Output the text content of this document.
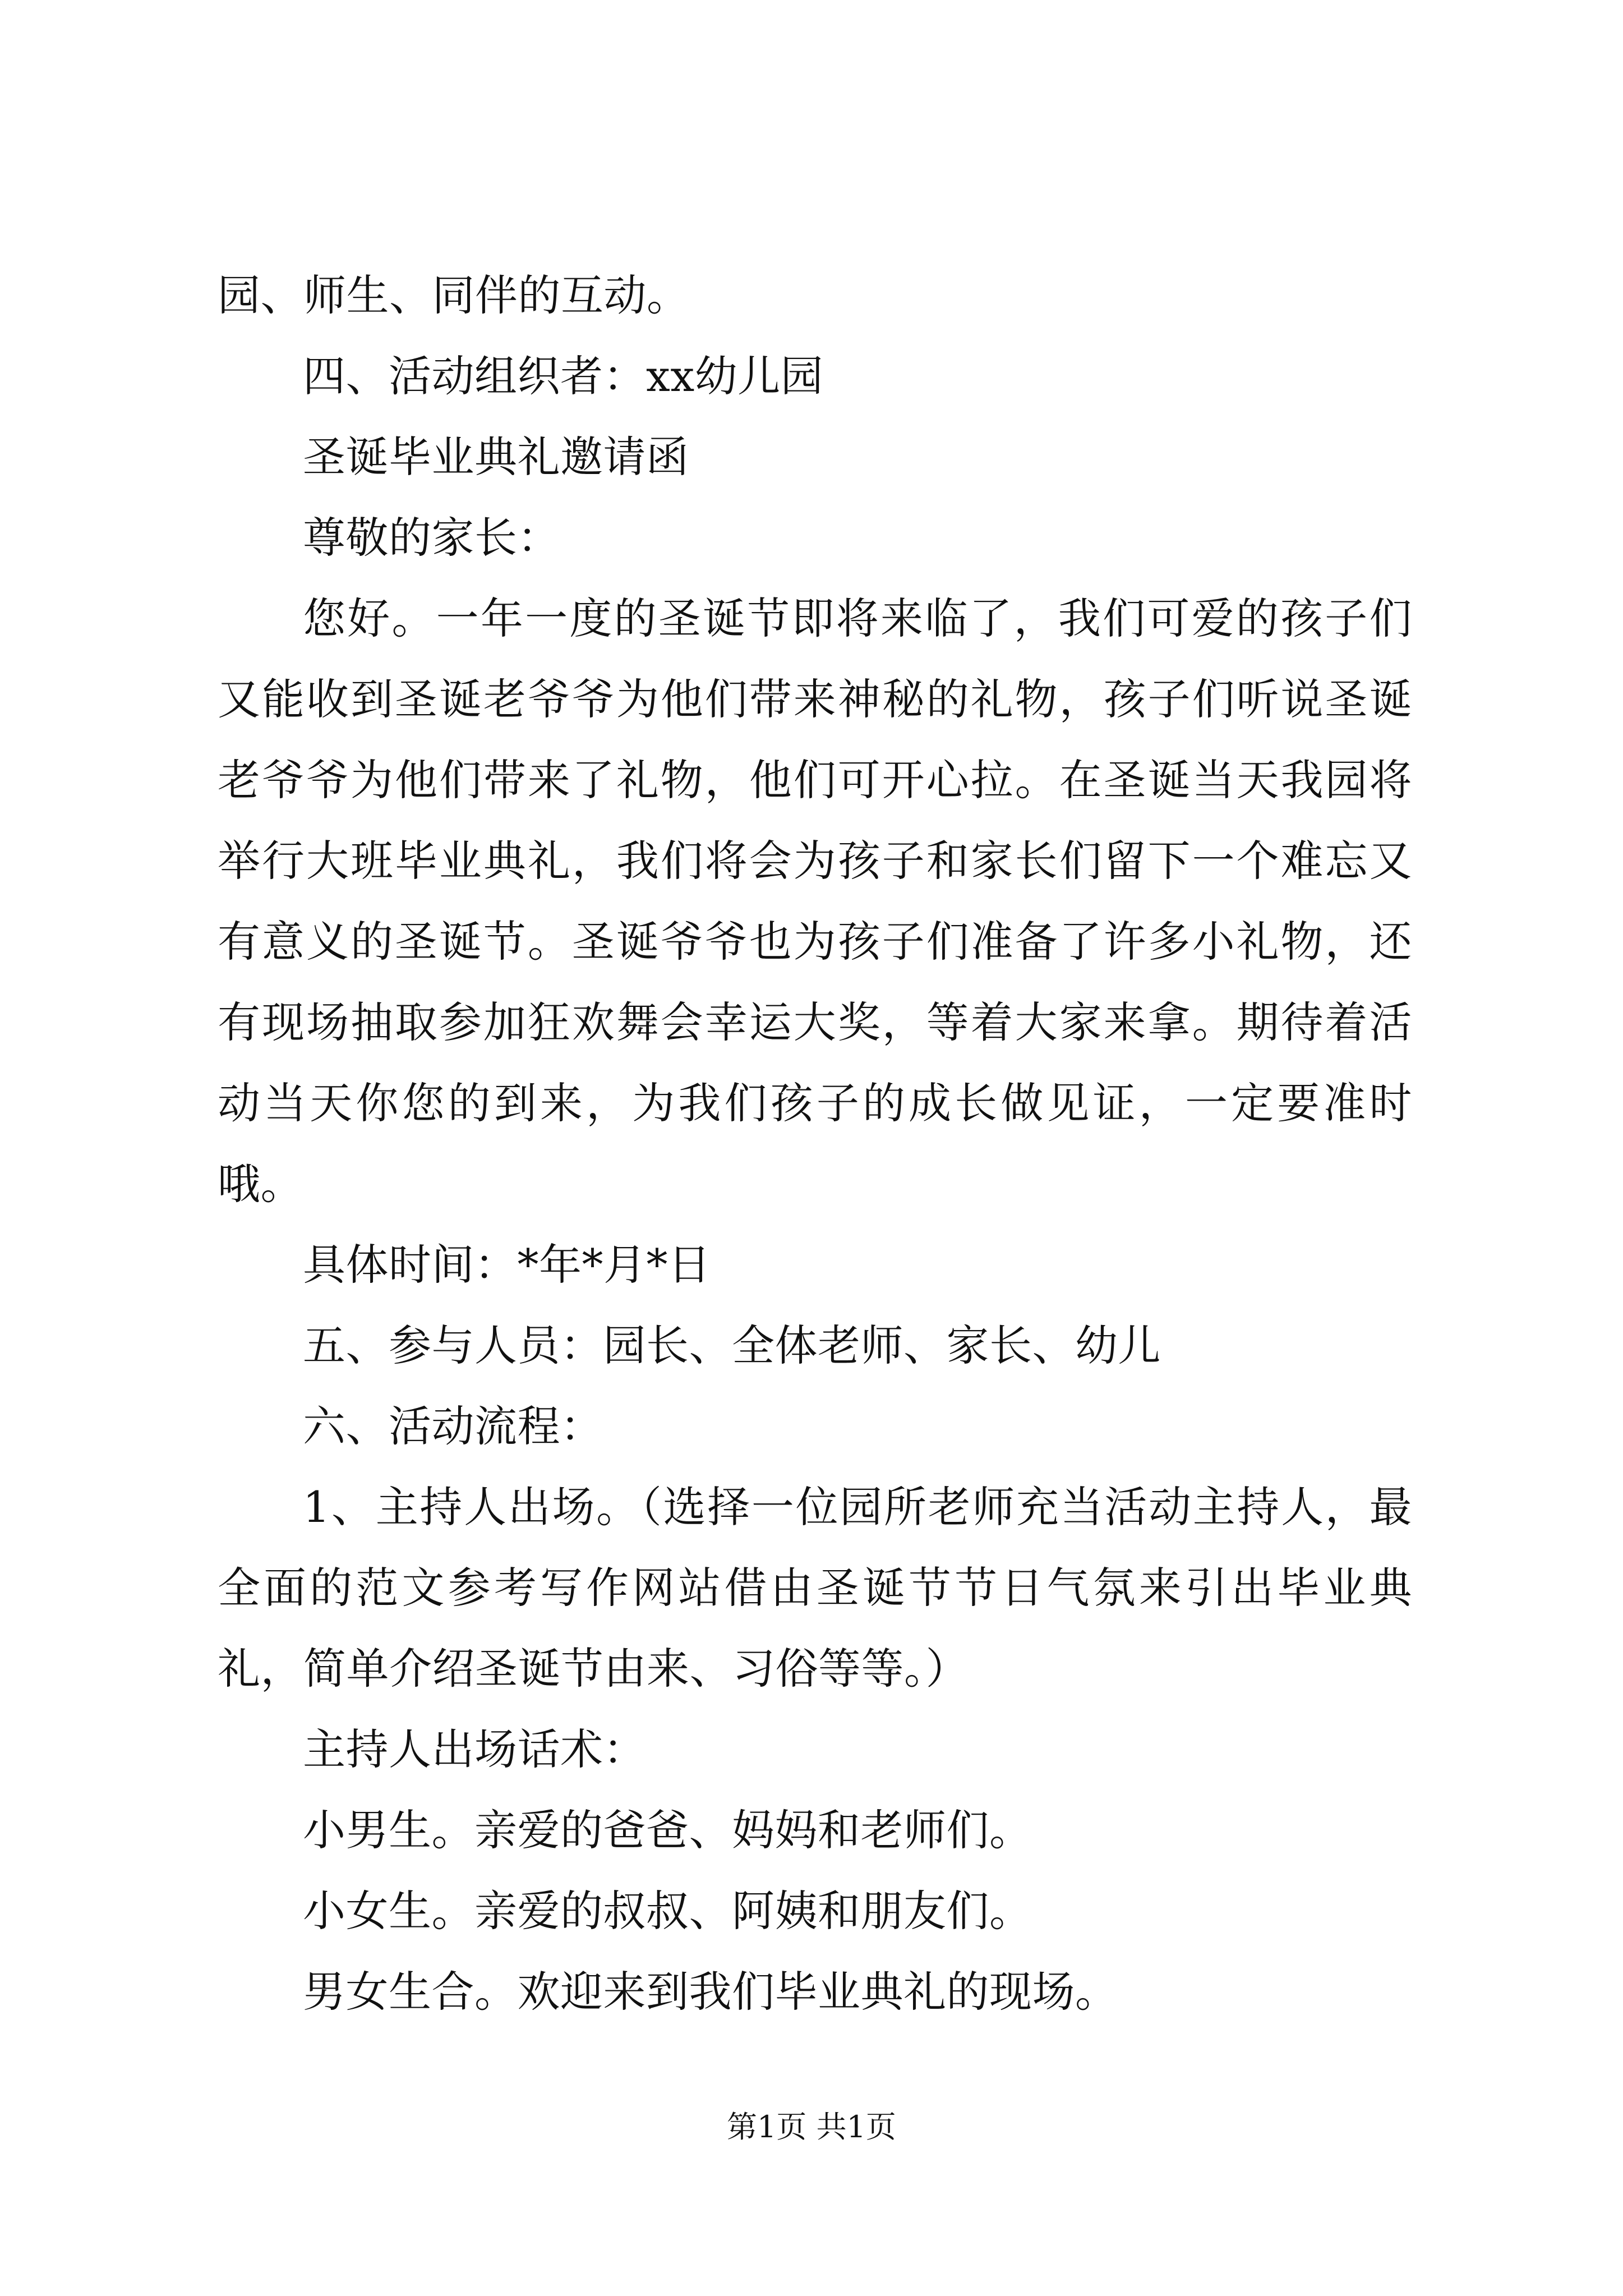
园、师生、同伴的互动。

四、活动组织者：xx幼儿园

圣诞毕业典礼邀请函

尊敬的家长：

您好。一年一度的圣诞节即将来临了，我们可爱的孩子们又能收到圣诞老爷爷为他们带来神秘的礼物，孩子们听说圣诞老爷爷为他们带来了礼物，他们可开心拉。在圣诞当天我园将举行大班毕业典礼，我们将会为孩子和家长们留下一个难忘又有意义的圣诞节。圣诞爷爷也为孩子们准备了许多小礼物，还有现场抽取参加狂欢舞会幸运大奖，等着大家来拿。期待着活动当天你您的到来，为我们孩子的成长做见证，一定要准时哦。

具体时间：*年*月*日

五、参与人员：园长、全体老师、家长、幼儿

六、活动流程：

1、主持人出场。（选择一位园所老师充当活动主持人，最全面的范文参考写作网站借由圣诞节节日气氛来引出毕业典礼，简单介绍圣诞节由来、习俗等等。）

主持人出场话术：

小男生。亲爱的爸爸、妈妈和老师们。

小女生。亲爱的叔叔、阿姨和朋友们。

男女生合。欢迎来到我们毕业典礼的现场。

第1页 共1页
